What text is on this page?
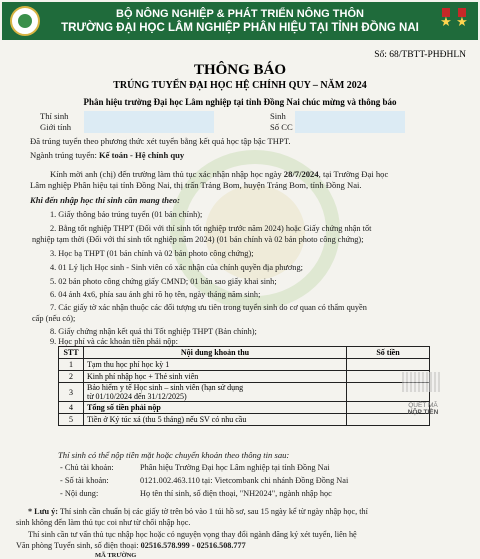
BỘ NÔNG NGHIỆP & PHÁT TRIỂN NÔNG THÔN
TRƯỜNG ĐẠI HỌC LÂM NGHIỆP PHÂN HIỆU TẠI TỈNH ĐỒNG NAI	★ ★
Số: 68/TBTT-PHĐHLN
THÔNG BÁO
TRÚNG TUYỂN ĐẠI HỌC HỆ CHÍNH QUY – NĂM 2024
Phân hiệu trường Đại học Lâm nghiệp tại tỉnh Đồng Nai chúc mừng và thông báo
Thí sinh
Giới tính
Sinh
Số CC
Đã trúng tuyển theo phương thức xét tuyển bằng kết quả học tập bậc THPT.
Ngành trúng tuyển: Kế toán - Hệ chính quy
Kính mời anh (chị) đến trường làm thủ tục xác nhận nhập học ngày 28/7/2024, tại Trường Đại học
Lâm nghiệp Phân hiệu tại tỉnh Đồng Nai, thị trấn Trảng Bom, huyện Trảng Bom, tỉnh Đồng Nai.
Khi đến nhập học thí sinh cần mang theo:
1. Giấy thông báo trúng tuyển (01 bản chính);
2. Bằng tốt nghiệp THPT (Đối với thí sinh tốt nghiệp trước năm 2024) hoặc Giấy chứng nhận tốt
nghiệp tạm thời (Đối với thí sinh tốt nghiệp năm 2024) (01 bản chính và 02 bản photo công chứng);
3. Học bạ THPT (01 bản chính và 02 bản photo công chứng);
4. 01 Lý lịch Học sinh - Sinh viên có xác nhận của chính quyền địa phương;
5. 02 bản photo công chứng giấy CMND; 01 bản sao giấy khai sinh;
6. 04 ảnh 4x6, phía sau ảnh ghi rõ họ tên, ngày tháng năm sinh;
7. Các giấy tờ xác nhận thuộc các đối tượng ưu tiên trong tuyển sinh do cơ quan có thẩm quyền
cấp (nếu có);
8. Giấy chứng nhận kết quả thi Tốt nghiệp THPT (Bản chính);
9. Học phí và các khoản tiền phải nộp:
STT	Nội dung khoản thu	Số tiền
1	Tạm thu học phí học kỳ 1	
2	Kinh phí nhập học + Thẻ sinh viên	
3	Bảo hiểm y tế Học sinh – sinh viên (hạn sử dụng
từ 01/10/2024 đến 31/12/2025)	

4	Tổng số tiền phải nộp	
5	Tiền ở Ký túc xá (thu 5 tháng) nếu SV có nhu cầu	
QUÉT MÃ
NỘP TIỀN
Thí sinh có thể nộp tiền mặt hoặc chuyển khoản theo thông tin sau:
- Chủ tài khoản:	Phân hiệu Trường Đại học Lâm nghiệp tại tỉnh Đồng Nai
- Số tài khoản:	0121.002.463.110 tại: Vietcombank chi nhánh Đồng Đồng Nai
- Nội dung:	Họ tên thí sinh, số điện thoại, "NH2024", ngành nhập học
* Lưu ý: Thí sinh cần chuẩn bị các giấy tờ trên bỏ vào 1 túi hồ sơ, sau 15 ngày kể từ ngày nhập học, thí
sinh không đến làm thủ tục coi như từ chối nhập học.
Thí sinh cần tư vấn thủ tục nhập học hoặc có nguyện vọng thay đổi ngành đăng ký xét tuyển, liên hệ
Văn phòng Tuyển sinh, số điện thoại: 02516.578.999 - 02516.508.777
MÃ TRƯỜNG
